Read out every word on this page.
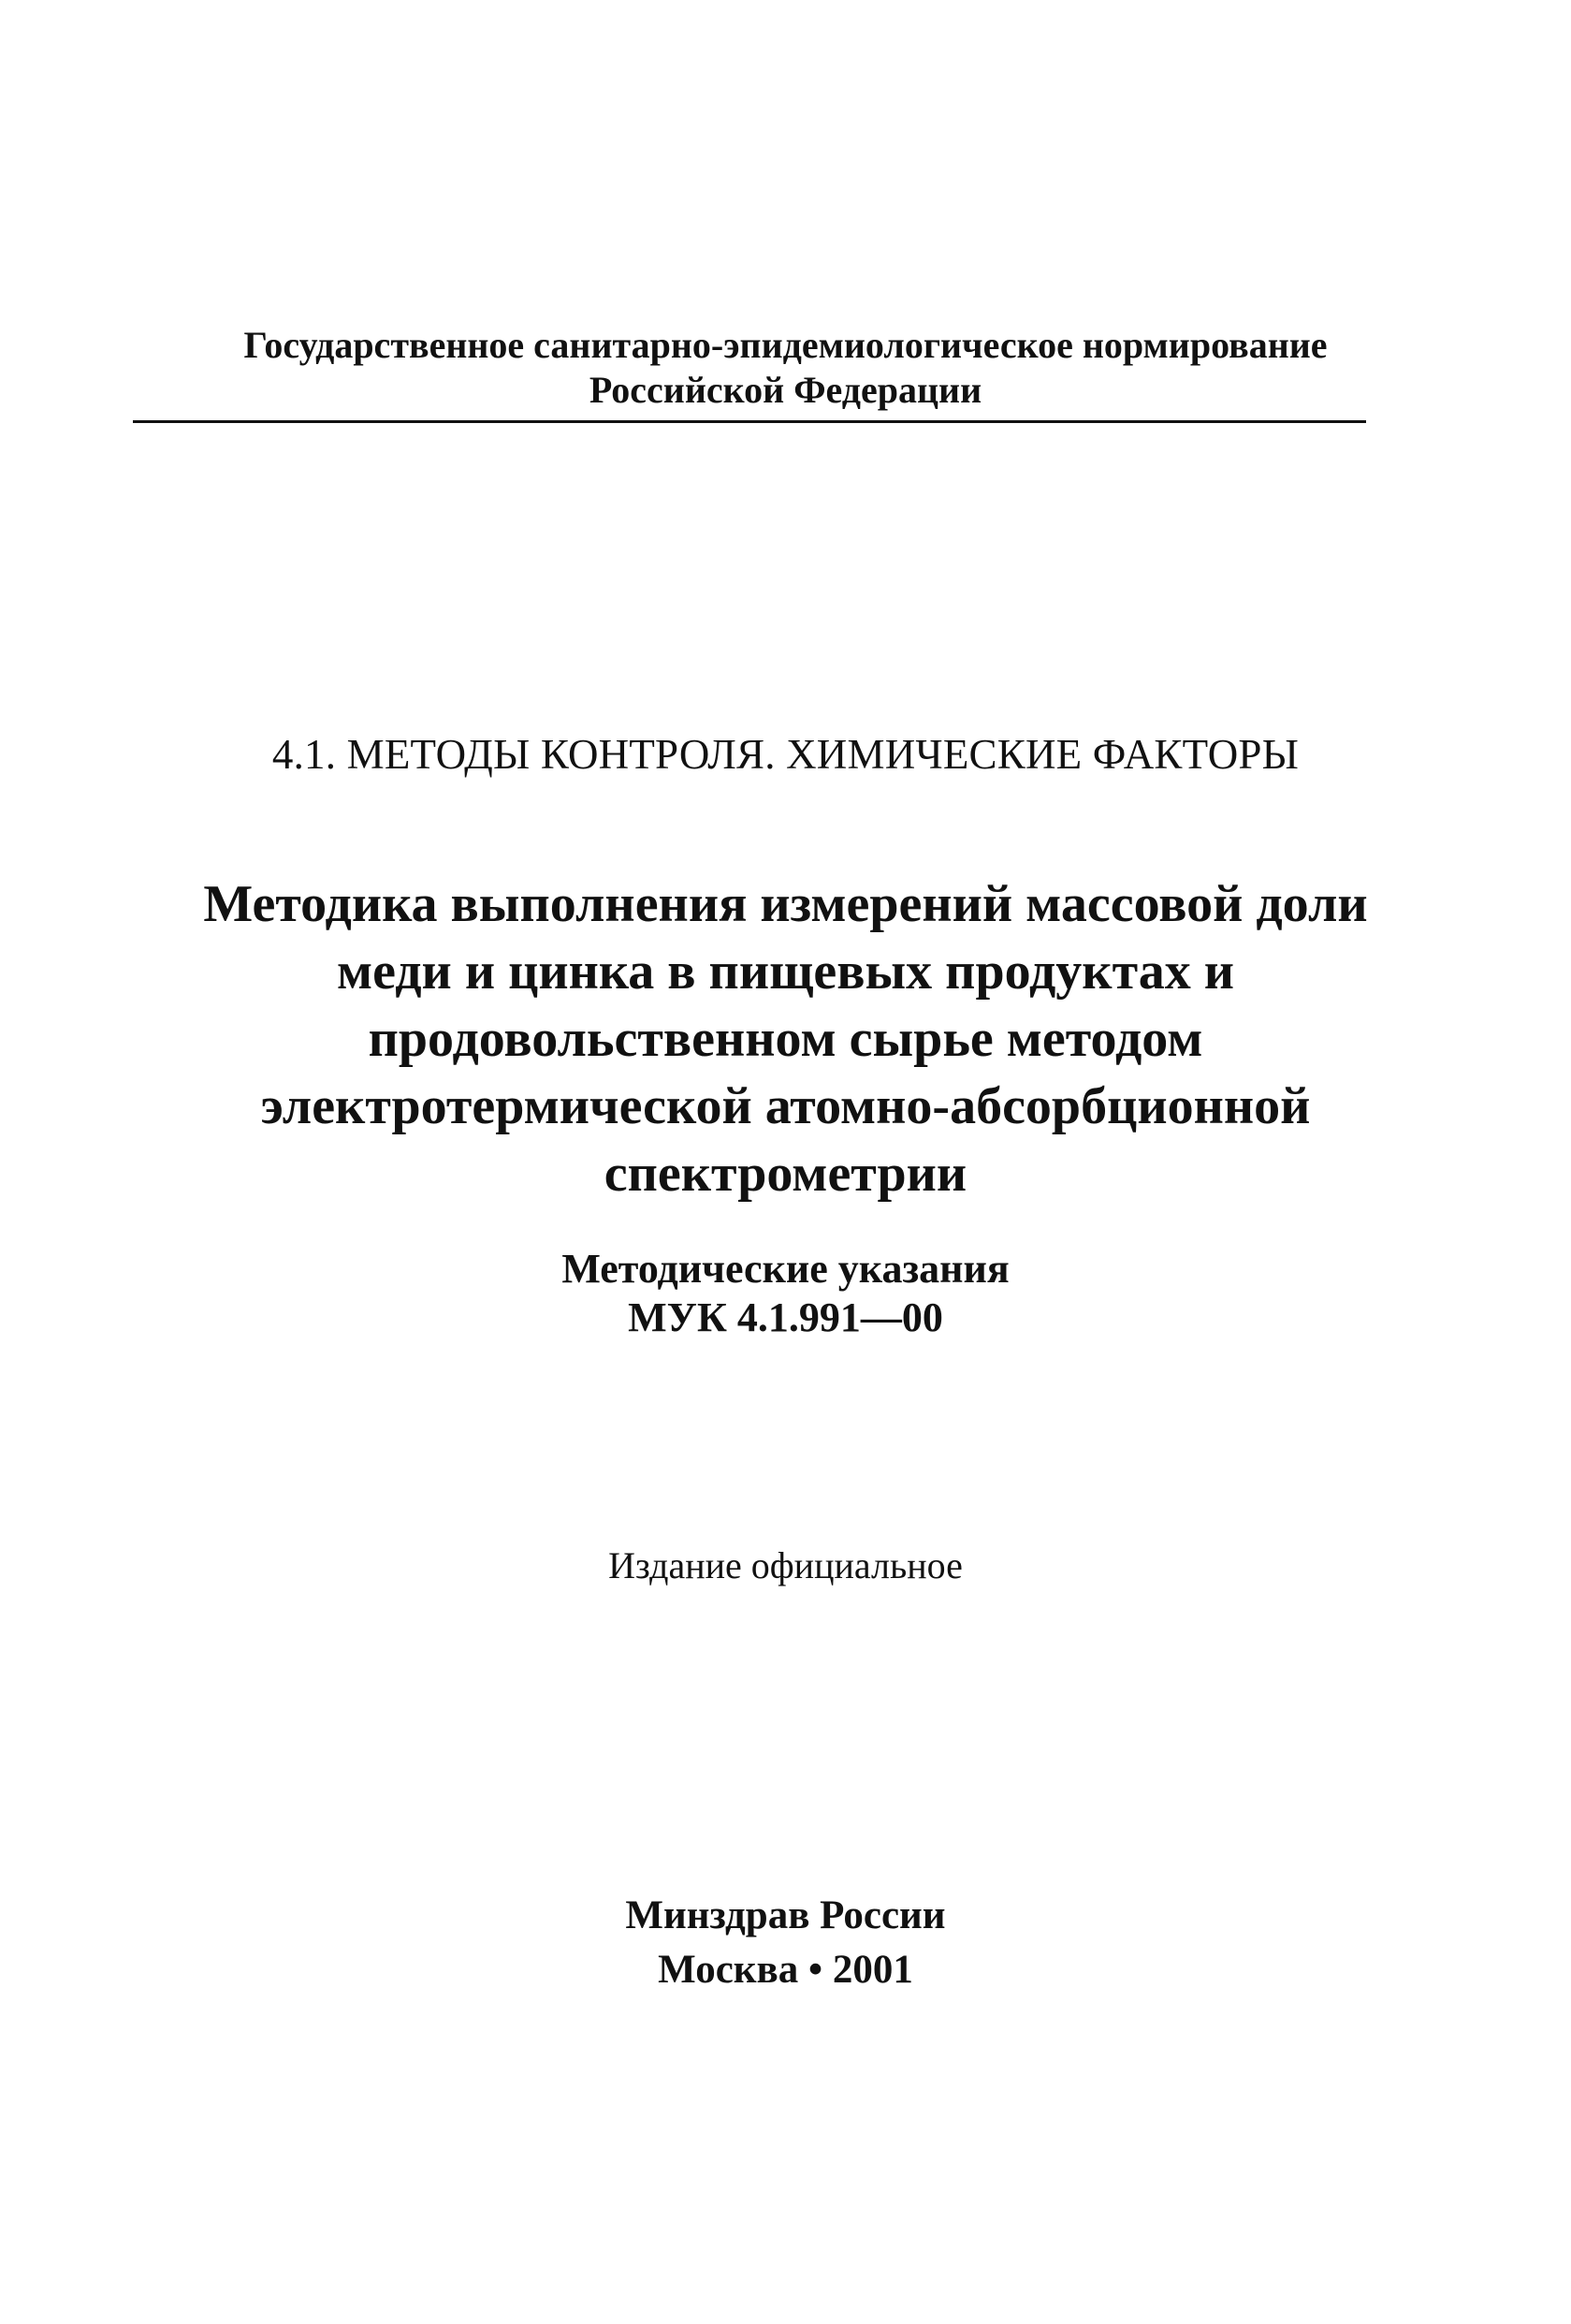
Государственное санитарно-эпидемиологическое нормирование
Российской Федерации
4.1. МЕТОДЫ КОНТРОЛЯ. ХИМИЧЕСКИЕ ФАКТОРЫ
Методика выполнения измерений массовой доли
меди и цинка в пищевых продуктах и
продовольственном сырье методом
электротермической атомно-абсорбционной
спектрометрии
Методические указания
МУК 4.1.991—00
Издание официальное
Минздрав России
Москва • 2001
